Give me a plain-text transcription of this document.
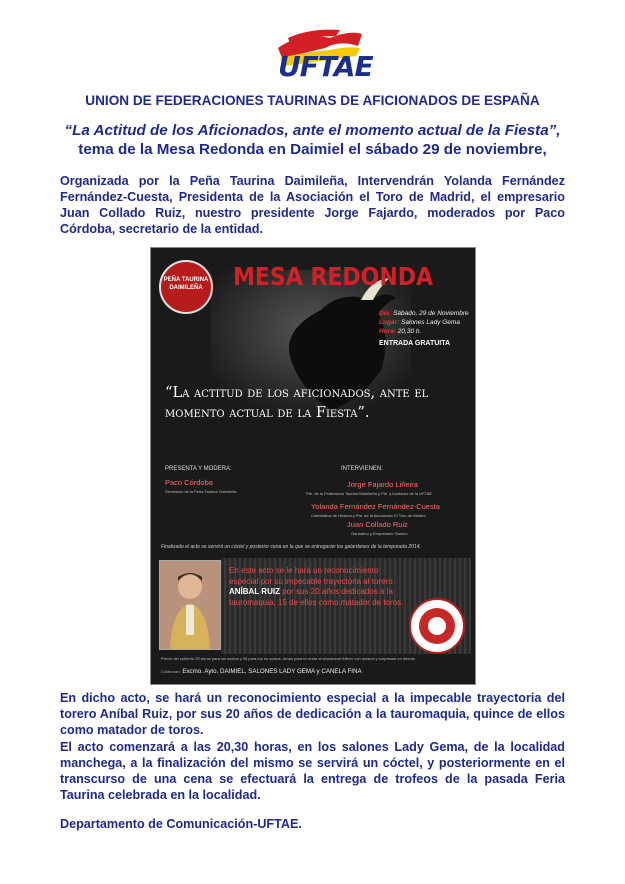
UFTAE
UNION DE FEDERACIONES TAURINAS DE AFICIONADOS DE ESPAÑA
“La Actitud de los Aficionados, ante el momento actual de la Fiesta”,
tema de la Mesa Redonda en Daimiel el sábado 29 de noviembre,
Organizada por la Peña Taurina Daimileña, Intervendrán Yolanda Fernández Fernández-Cuesta, Presidenta de la Asociación el Toro de Madrid, el empresario Juan Collado Ruiz, nuestro presidente Jorge Fajardo, moderados por Paco Córdoba, secretario de la entidad.
PEÑA TAURINA DAIMILEÑA	MESA REDONDA
Día: Sábado, 29 de Noviembre
Lugar: Salones Lady Gema
Hora: 20,30 h.
ENTRADA GRATUITA
“La actitud de los aficionados, ante el
momento actual de la Fiesta”.
PRESENTA Y MODERA:
Paco Córdoba
Secretario de la Peña Taurina Daimileña
INTERVIENEN:
Jorge Fajardo Liñeira
Pte. de la Federación Taurina Madrileña y Pte. y fundador de la UFTAE
Yolanda Fernández Fernández-Cuesta
Catedrática de Historia y Pta. de la Asociación El Toro de Madrid
Juan Collado Ruiz
Ganadero y Empresario Taurino
Finalizado el acto se servirá un cóctel y posterior cena en la que se entregarán los galardones de la temporada 2014.
En este acto se le hará un reconocimiento especial por su impecable trayectoria al torero ANÍBAL RUIZ por sus 20 años dedicados a la tauromaquia, 15 de ellos como matador de toros.
Precio del cubierto 20 euros para los socios y 35 para los no socios. Aman para la venta al showroom Aflexo con música y sorpresas en directo
Colaboran: Excmo. Ayto. DAIMIEL, SALONES LADY GEMA y CANELA FINA
En dicho acto, se hará un reconocimiento especial a la impecable trayectoria del torero Aníbal Ruiz, por sus 20 años de dedicación a la tauromaquia, quince de ellos como matador de toros.
El acto comenzará a las 20,30 horas, en los salones Lady Gema, de la localidad manchega, a la finalización del mismo se servirá un cóctel, y posteriormente en el transcurso de una cena se efectuará la entrega de trofeos de la pasada Feria Taurina celebrada en la localidad.
Departamento de Comunicación-UFTAE.
